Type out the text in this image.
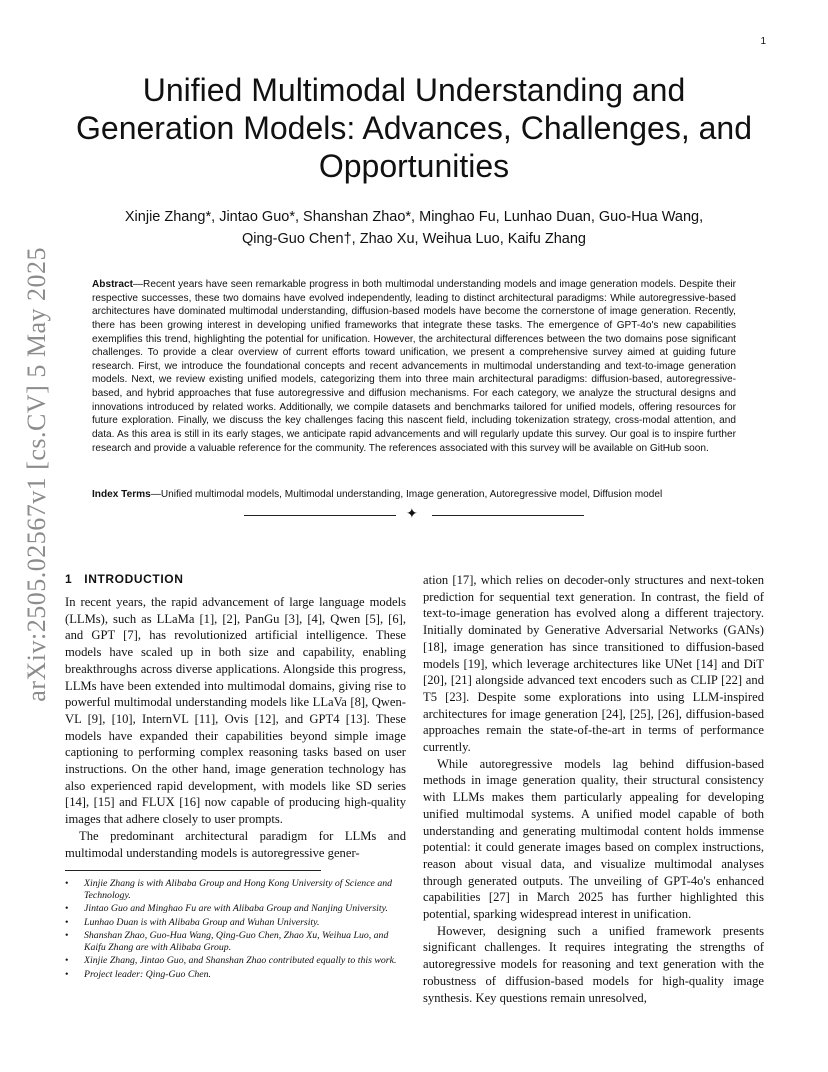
1
arXiv:2505.02567v1 [cs.CV] 5 May 2025
Unified Multimodal Understanding and
Generation Models: Advances, Challenges, and
Opportunities
Xinjie Zhang*, Jintao Guo*, Shanshan Zhao*, Minghao Fu, Lunhao Duan, Guo-Hua Wang,
Qing-Guo Chen†, Zhao Xu, Weihua Luo, Kaifu Zhang
Abstract—Recent years have seen remarkable progress in both multimodal understanding models and image generation models. Despite their respective successes, these two domains have evolved independently, leading to distinct architectural paradigms: While autoregressive-based architectures have dominated multimodal understanding, diffusion-based models have become the cornerstone of image generation. Recently, there has been growing interest in developing unified frameworks that integrate these tasks. The emergence of GPT-4o's new capabilities exemplifies this trend, highlighting the potential for unification. However, the architectural differences between the two domains pose significant challenges. To provide a clear overview of current efforts toward unification, we present a comprehensive survey aimed at guiding future research. First, we introduce the foundational concepts and recent advancements in multimodal understanding and text-to-image generation models. Next, we review existing unified models, categorizing them into three main architectural paradigms: diffusion-based, autoregressive-based, and hybrid approaches that fuse autoregressive and diffusion mechanisms. For each category, we analyze the structural designs and innovations introduced by related works. Additionally, we compile datasets and benchmarks tailored for unified models, offering resources for future exploration. Finally, we discuss the key challenges facing this nascent field, including tokenization strategy, cross-modal attention, and data. As this area is still in its early stages, we anticipate rapid advancements and will regularly update this survey. Our goal is to inspire further research and provide a valuable reference for the community. The references associated with this survey will be available on GitHub soon.
Index Terms—Unified multimodal models, Multimodal understanding, Image generation, Autoregressive model, Diffusion model
✦
1 INTRODUCTION

In recent years, the rapid advancement of large language models (LLMs), such as LLaMa [1], [2], PanGu [3], [4], Qwen [5], [6], and GPT [7], has revolutionized artificial intelligence. These models have scaled up in both size and capability, enabling breakthroughs across diverse applications. Alongside this progress, LLMs have been extended into multimodal domains, giving rise to powerful multimodal understanding models like LLaVa [8], Qwen-VL [9], [10], InternVL [11], Ovis [12], and GPT4 [13]. These models have expanded their capabilities beyond simple image captioning to performing complex reasoning tasks based on user instructions. On the other hand, image generation technology has also experienced rapid development, with models like SD series [14], [15] and FLUX [16] now capable of producing high-quality images that adhere closely to user prompts.

The predominant architectural paradigm for LLMs and multimodal understanding models is autoregressive gener-

ation [17], which relies on decoder-only structures and next-token prediction for sequential text generation. In contrast, the field of text-to-image generation has evolved along a different trajectory. Initially dominated by Generative Adversarial Networks (GANs) [18], image generation has since transitioned to diffusion-based models [19], which leverage architectures like UNet [14] and DiT [20], [21] alongside advanced text encoders such as CLIP [22] and T5 [23]. Despite some explorations into using LLM-inspired architectures for image generation [24], [25], [26], diffusion-based approaches remain the state-of-the-art in terms of performance currently.

While autoregressive models lag behind diffusion-based methods in image generation quality, their structural consistency with LLMs makes them particularly appealing for developing unified multimodal systems. A unified model capable of both understanding and generating multimodal content holds immense potential: it could generate images based on complex instructions, reason about visual data, and visualize multimodal analyses through generated outputs. The unveiling of GPT-4o's enhanced capabilities [27] in March 2025 has further highlighted this potential, sparking widespread interest in unification.

However, designing such a unified framework presents significant challenges. It requires integrating the strengths of autoregressive models for reasoning and text generation with the robustness of diffusion-based models for high-quality image synthesis. Key questions remain unresolved,

• Xinjie Zhang is with Alibaba Group and Hong Kong University of Science and Technology.
• Jintao Guo and Minghao Fu are with Alibaba Group and Nanjing University.
• Lunhao Duan is with Alibaba Group and Wuhan University.
• Shanshan Zhao, Guo-Hua Wang, Qing-Guo Chen, Zhao Xu, Weihua Luo, and Kaifu Zhang are with Alibaba Group.
• Xinjie Zhang, Jintao Guo, and Shanshan Zhao contributed equally to this work.
• Project leader: Qing-Guo Chen.
